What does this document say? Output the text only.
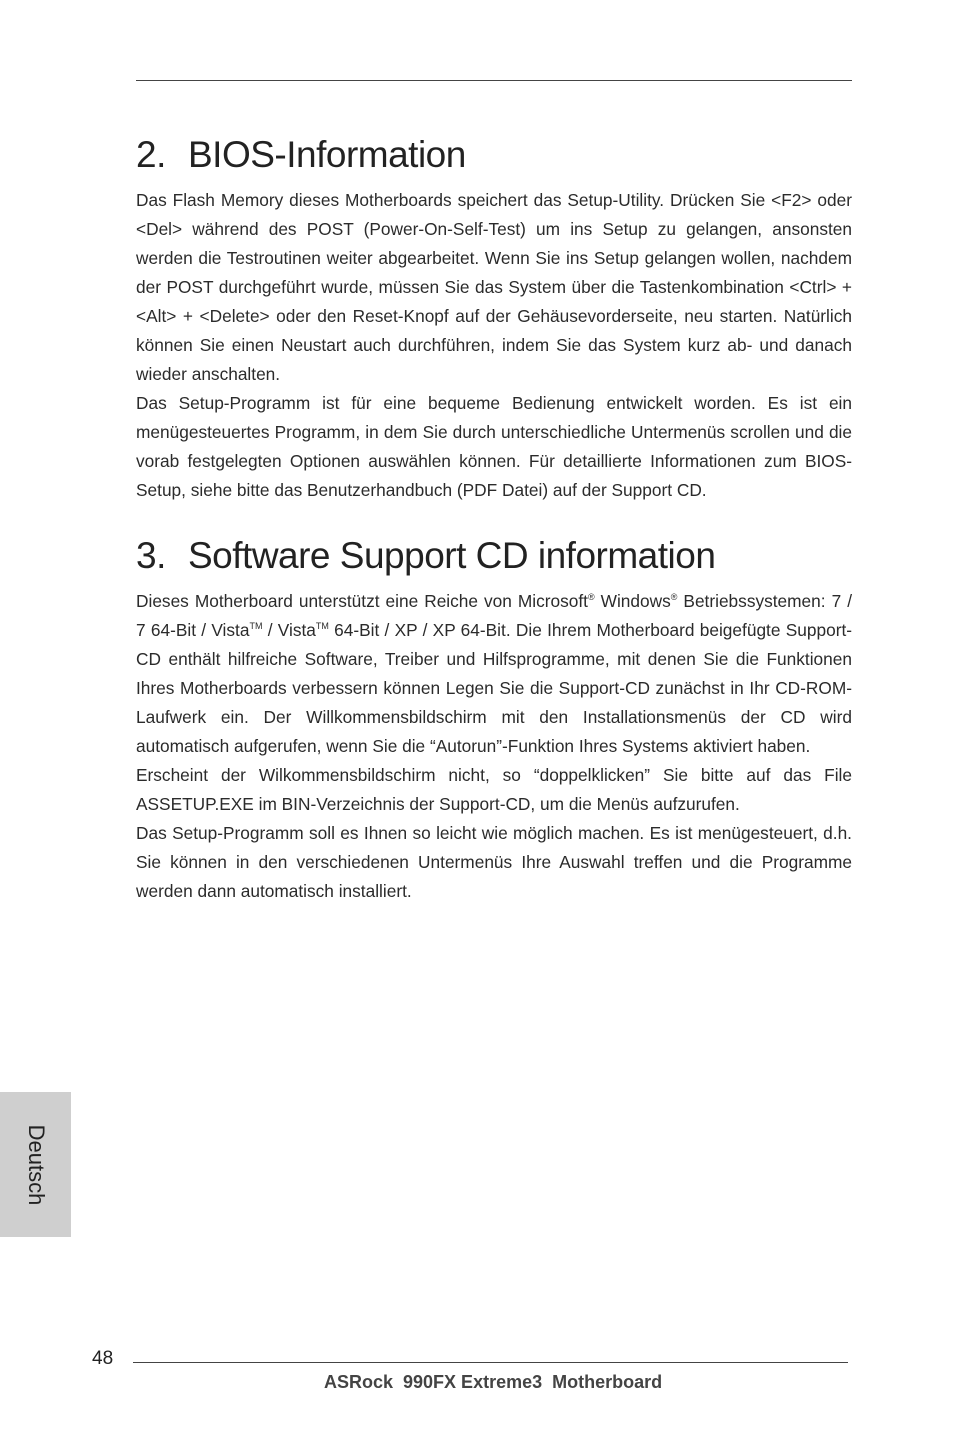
2. BIOS-Information

Das Flash Memory dieses Motherboards speichert das Setup-Utility. Drücken Sie <F2> oder <Del> während des POST (Power-On-Self-Test) um ins Setup zu gelangen, ansonsten werden die Testroutinen weiter abgearbeitet. Wenn Sie ins Setup gelangen wollen, nachdem der POST durchgeführt wurde, müssen Sie das System über die Tastenkombination <Ctrl> + <Alt> + <Delete> oder den Reset-Knopf auf der Gehäusevorderseite, neu starten. Natürlich können Sie einen Neustart auch durchführen, indem Sie das System kurz ab- und danach wieder anschalten.

Das Setup-Programm ist für eine bequeme Bedienung entwickelt worden. Es ist ein menügesteuertes Programm, in dem Sie durch unterschiedliche Untermenüs scrollen und die vorab festgelegten Optionen auswählen können. Für detaillierte Informationen zum BIOS-Setup, siehe bitte das Benutzerhandbuch (PDF Datei) auf der Support CD.

3. Software Support CD information

Dieses Motherboard unterstützt eine Reiche von Microsoft® Windows® Betriebssystemen: 7 / 7 64-Bit / Vista™ / Vista™ 64-Bit / XP / XP 64-Bit. Die Ihrem Motherboard beigefügte Support-CD enthält hilfreiche Software, Treiber und Hilfsprogramme, mit denen Sie die Funktionen Ihres Motherboards verbessern können Legen Sie die Support-CD zunächst in Ihr CD-ROM-Laufwerk ein. Der Willkommensbildschirm mit den Installationsmenüs der CD wird automatisch aufgerufen, wenn Sie die “Autorun”-Funktion Ihres Systems aktiviert haben.

Erscheint der Wilkommensbildschirm nicht, so “doppelklicken” Sie bitte auf das File ASSETUP.EXE im BIN-Verzeichnis der Support-CD, um die Menüs aufzurufen.

Das Setup-Programm soll es Ihnen so leicht wie möglich machen. Es ist menügesteuert, d.h. Sie können in den verschiedenen Untermenüs Ihre Auswahl treffen und die Programme werden dann automatisch installiert.

Deutsch
48
ASRock  990FX Extreme3  Motherboard
